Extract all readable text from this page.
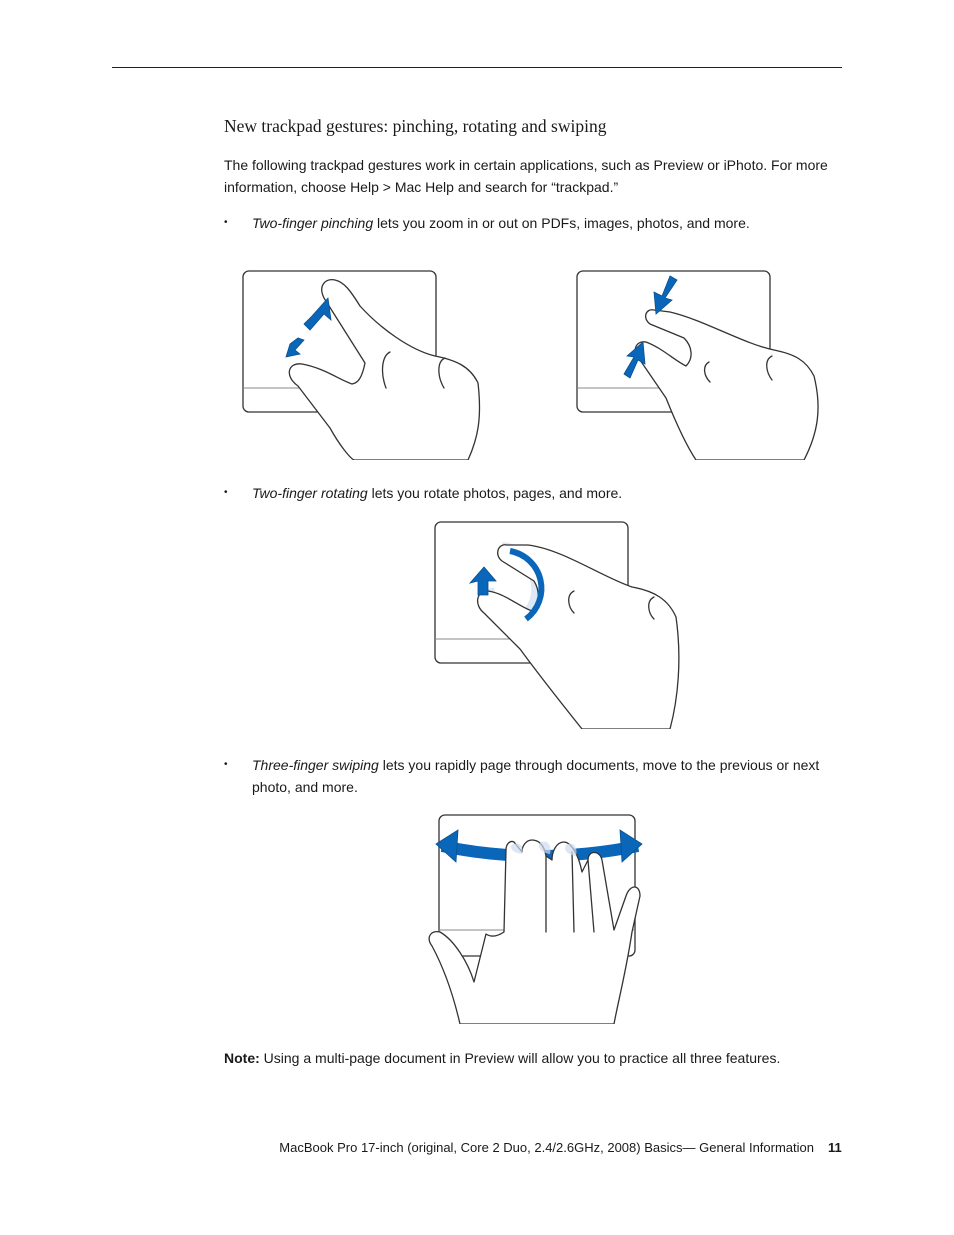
New trackpad gestures: pinching, rotating and swiping
The following trackpad gestures work in certain applications, such as Preview or iPhoto. For more information, choose Help > Mac Help and search for “trackpad.”
• Two-finger pinching lets you zoom in or out on PDFs, images, photos, and more.
• Two-finger rotating lets you rotate photos, pages, and more.
• Three-finger swiping lets you rapidly page through documents, move to the previous or next photo, and more.
Note: Using a multi-page document in Preview will allow you to practice all three features.
MacBook Pro 17-inch (original, Core 2 Duo, 2.4/2.6GHz, 2008) Basics— General Information 11
